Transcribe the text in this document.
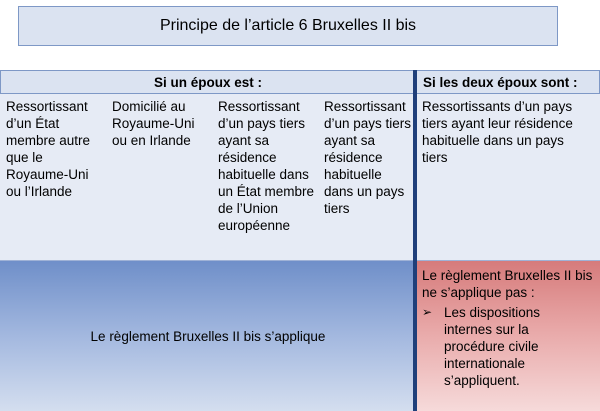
Principe de l’article 6 Bruxelles II bis
Si un époux est :	Si les deux époux sont :
Ressortissant d’un État membre autre que le Royaume-Uni ou l’Irlande
Domicilié au Royaume-Uni ou en Irlande
Ressortissant d’un pays tiers ayant sa résidence habituelle dans un État membre de l’Union européenne
Ressortissant d’un pays tiers ayant sa résidence habituelle dans un pays tiers
Ressortissants d’un pays tiers ayant leur résidence habituelle dans un pays tiers
Le règlement Bruxelles II bis s’applique
Le règlement Bruxelles II bis ne s’applique pas :
➢ Les dispositions internes sur la procédure civile internationale s’appliquent.
